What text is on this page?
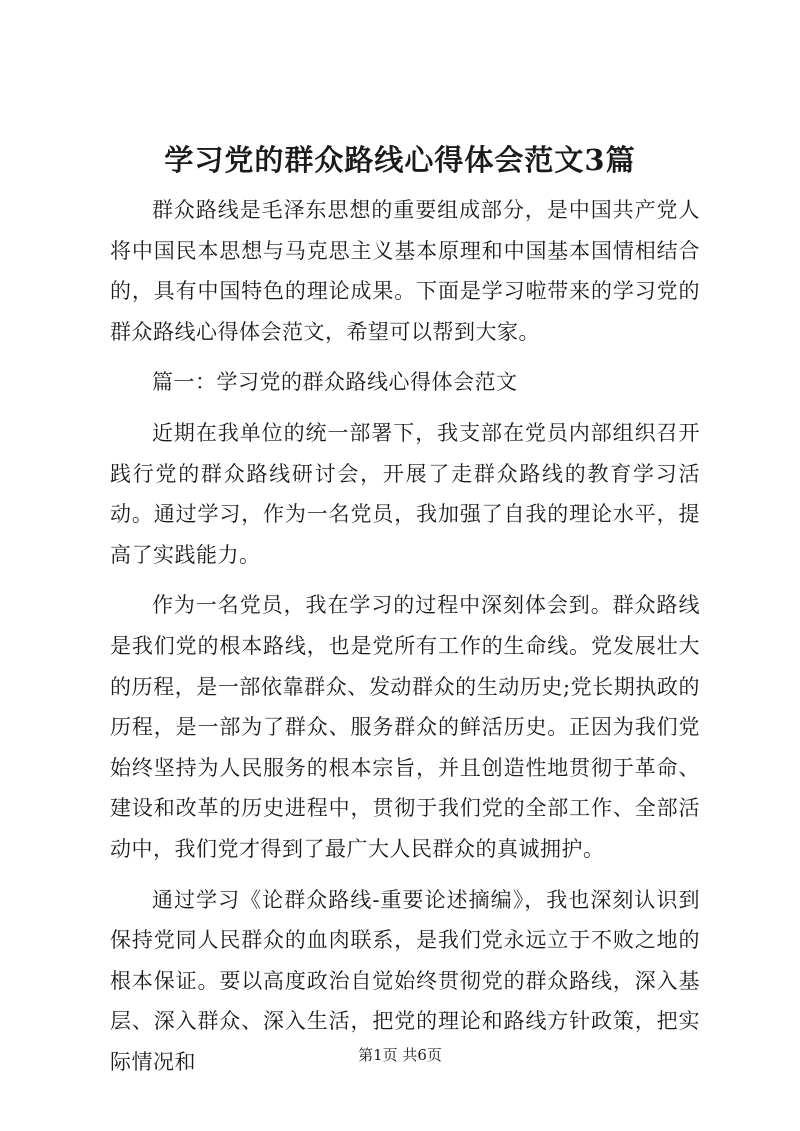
学习党的群众路线心得体会范文3篇

群众路线是毛泽东思想的重要组成部分，是中国共产党人将中国民本思想与马克思主义基本原理和中国基本国情相结合的，具有中国特色的理论成果。下面是学习啦带来的学习党的群众路线心得体会范文，希望可以帮到大家。

篇一：学习党的群众路线心得体会范文

近期在我单位的统一部署下，我支部在党员内部组织召开践行党的群众路线研讨会，开展了走群众路线的教育学习活动。通过学习，作为一名党员，我加强了自我的理论水平，提高了实践能力。

作为一名党员，我在学习的过程中深刻体会到。群众路线是我们党的根本路线，也是党所有工作的生命线。党发展壮大的历程，是一部依靠群众、发动群众的生动历史;党长期执政的历程，是一部为了群众、服务群众的鲜活历史。正因为我们党始终坚持为人民服务的根本宗旨，并且创造性地贯彻于革命、建设和改革的历史进程中，贯彻于我们党的全部工作、全部活动中，我们党才得到了最广大人民群众的真诚拥护。

通过学习《论群众路线-重要论述摘编》，我也深刻认识到保持党同人民群众的血肉联系，是我们党永远立于不败之地的根本保证。要以高度政治自觉始终贯彻党的群众路线，深入基层、深入群众、深入生活，把党的理论和路线方针政策，把实际情况和	第1页 共6页
